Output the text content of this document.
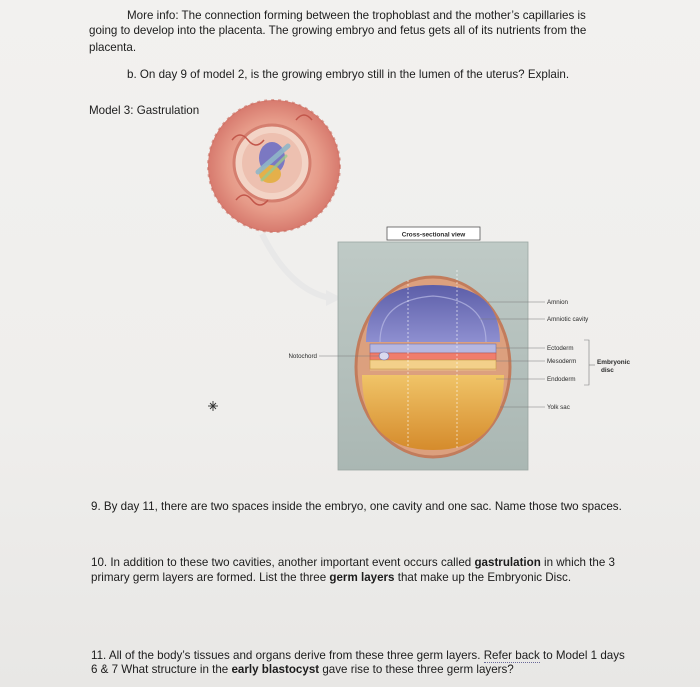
More info: The connection forming between the trophoblast and the mother’s capillaries is
going to develop into the placenta. The growing embryo and fetus gets all of its nutrients from the
placenta.
b. On day 9 of model 2, is the growing embryo still in the lumen of the uterus? Explain.
Model 3: Gastrulation
Cross-sectional view
Amnion
Amniotic cavity
Ectoderm
Mesoderm
Endoderm
Yolk sac
Notochord
Embryonic
disc
9. By day 11, there are two spaces inside the embryo, one cavity and one sac. Name those two spaces.
10. In addition to these two cavities, another important event occurs called gastrulation in which the 3
primary germ layers are formed. List the three germ layers that make up the Embryonic Disc.
11. All of the body’s tissues and organs derive from these three germ layers. Refer back to Model 1 days
6 & 7 What structure in the early blastocyst gave rise to these three germ layers?
